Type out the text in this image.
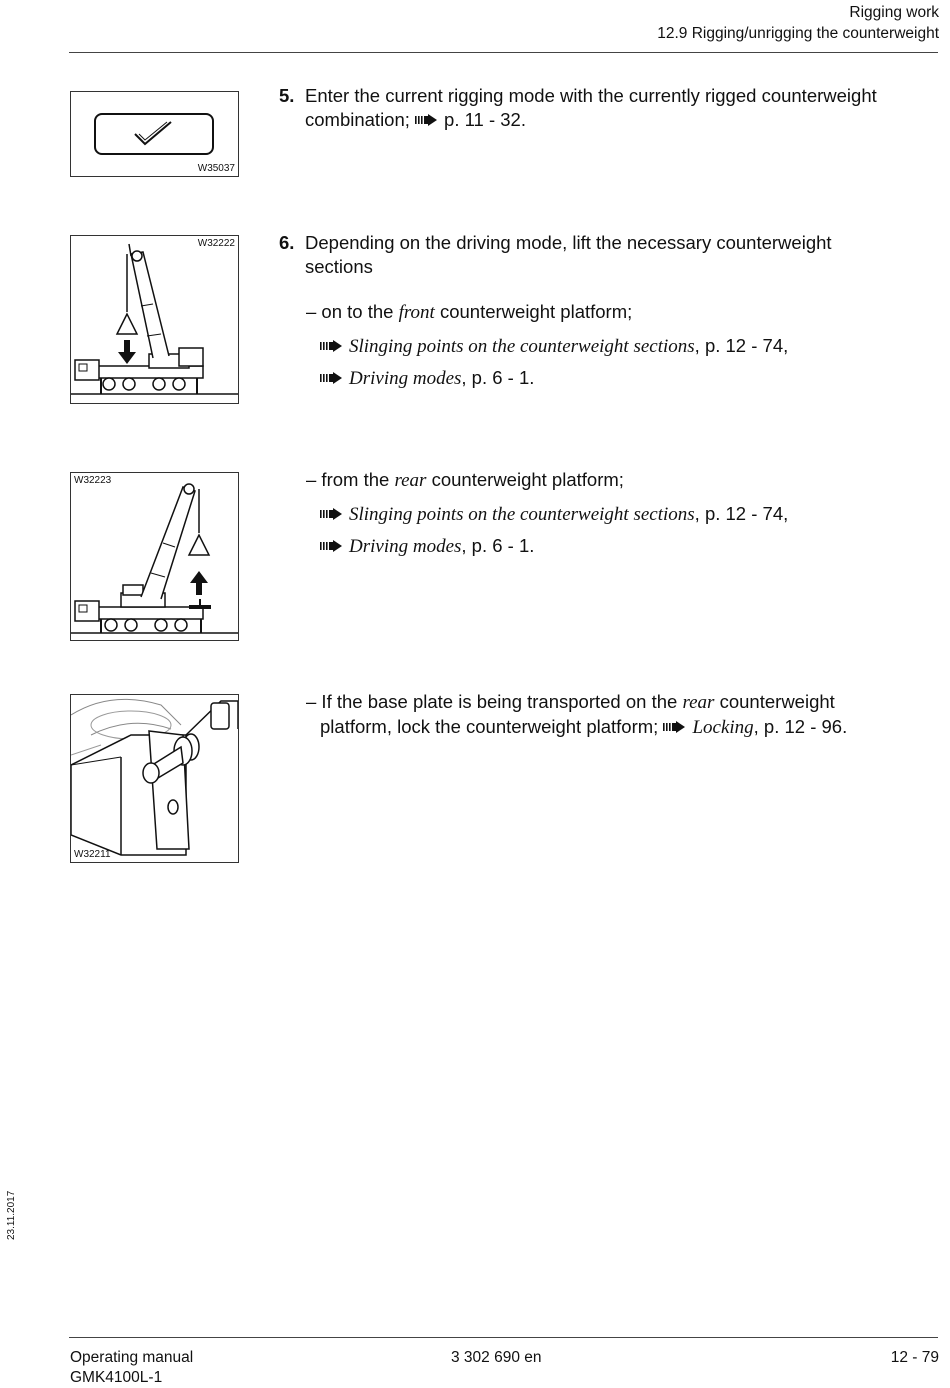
Rigging work
12.9 Rigging/unrigging the counterweight
W35037
5. Enter the current rigging mode with the currently rigged counterweight
combination; p. 11 - 32.
W32222 6. Depending on the driving mode, lift the necessary counterweight
sections
– on to the front counterweight platform;
Slinging points on the counterweight sections, p. 12 - 74,
Driving modes, p. 6 - 1.
W32223	– from the rear counterweight platform;
Slinging points on the counterweight sections, p. 12 - 74,
Driving modes, p. 6 - 1.
W32211
– If the base plate is being transported on the rear counterweight
platform, lock the counterweight platform; Locking, p. 12 - 96.
23.11.2017
Operating manual
GMK4100L-1
3 302 690 en	12 - 79
